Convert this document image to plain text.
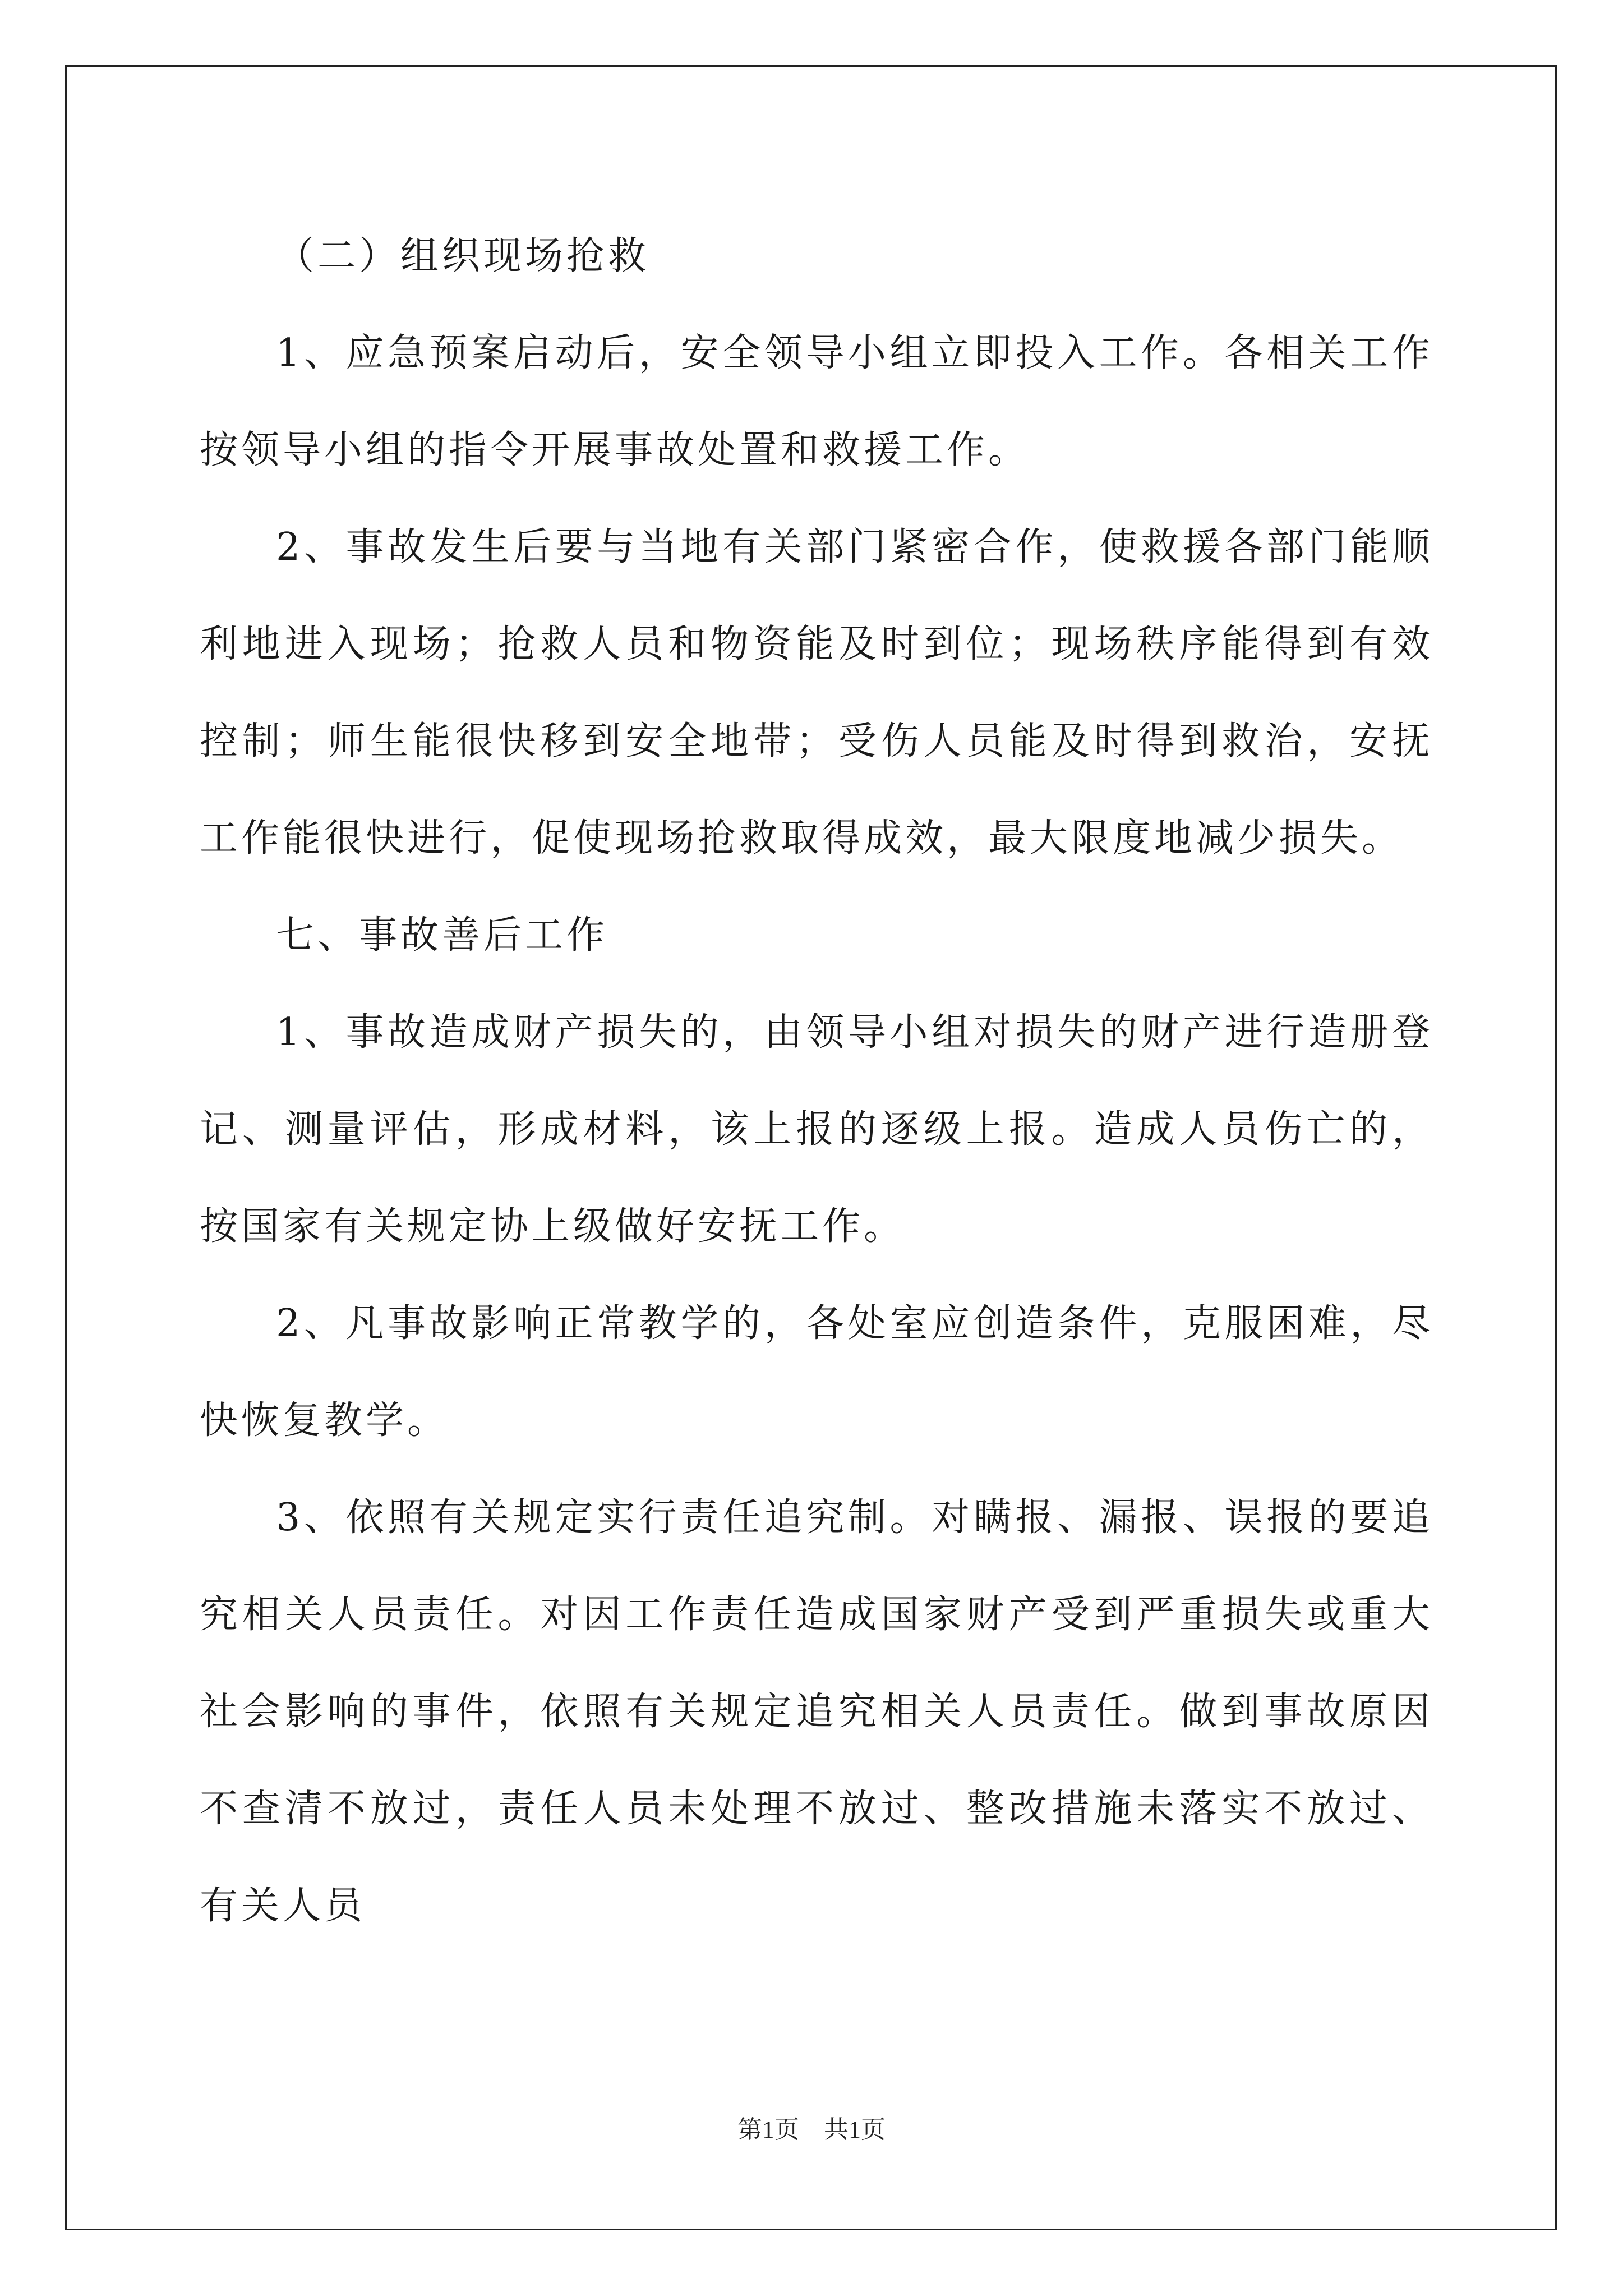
（二）组织现场抢救

1、应急预案启动后，安全领导小组立即投入工作。各相关工作按领导小组的指令开展事故处置和救援工作。

2、事故发生后要与当地有关部门紧密合作，使救援各部门能顺利地进入现场；抢救人员和物资能及时到位；现场秩序能得到有效控制；师生能很快移到安全地带；受伤人员能及时得到救治，安抚工作能很快进行，促使现场抢救取得成效，最大限度地减少损失。

七、事故善后工作

1、事故造成财产损失的，由领导小组对损失的财产进行造册登记、测量评估，形成材料，该上报的逐级上报。造成人员伤亡的，按国家有关规定协上级做好安抚工作。

2、凡事故影响正常教学的，各处室应创造条件，克服困难，尽快恢复教学。

3、依照有关规定实行责任追究制。对瞒报、漏报、误报的要追究相关人员责任。对因工作责任造成国家财产受到严重损失或重大社会影响的事件，依照有关规定追究相关人员责任。做到事故原因不查清不放过，责任人员未处理不放过、整改措施未落实不放过、有关人员

第1页　共1页
